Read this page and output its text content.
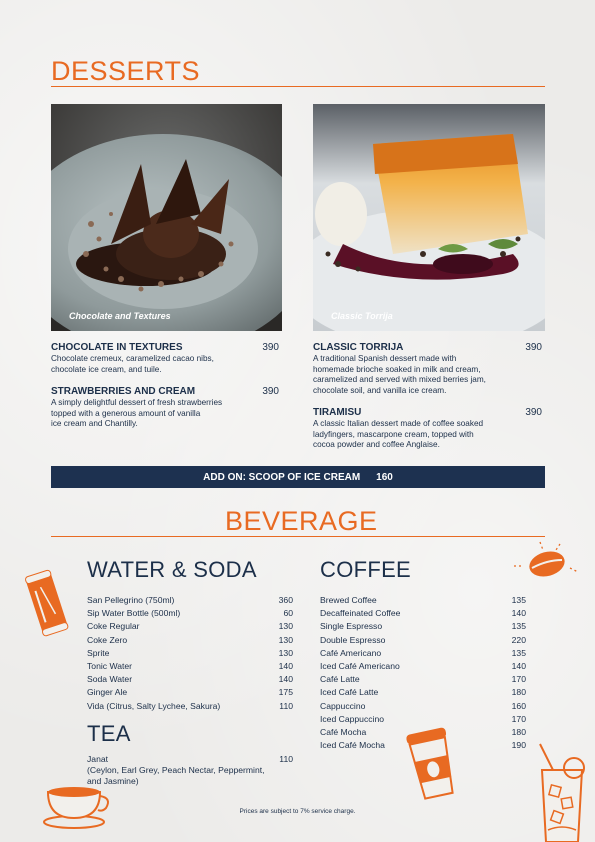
DESSERTS
Chocolate and Textures	Classic Torrija
CHOCOLATE IN TEXTURES	390
Chocolate cremeux, caramelized cacao nibs,
chocolate ice cream, and tuile.
STRAWBERRIES AND CREAM	390
A simply delightful dessert of fresh strawberries
topped with a generous amount of vanilla
ice cream and Chantilly.
CLASSIC TORRIJA	390
A traditional Spanish dessert made with
homemade brioche soaked in milk and cream,
caramelized and served with mixed berries jam,
chocolate soil, and vanilla ice cream.
TIRAMISU	390
A classic Italian dessert made of coffee soaked
ladyfingers, mascarpone cream, topped with
cocoa powder and coffee Anglaise.
ADD ON: SCOOP OF ICE CREAM 160
BEVERAGE
WATER & SODA
San Pellegrino (750ml)	360
Sip Water Bottle (500ml)	60
Coke Regular	130
Coke Zero	130
Sprite	130
Tonic Water	140
Soda Water	140
Ginger Ale	175
Vida (Citrus, Salty Lychee, Sakura)	110
TEA
Janat	110
(Ceylon, Earl Grey, Peach Nectar, Peppermint,
and Jasmine)
COFFEE
Brewed Coffee	135
Decaffeinated Coffee	140
Single Espresso	135
Double Espresso	220
Café Americano	135
Iced Café Americano	140
Café Latte	170
Iced Café Latte	180
Cappuccino	160
Iced Cappuccino	170
Café Mocha	180
Iced Café Mocha	190
Prices are subject to 7% service charge.
